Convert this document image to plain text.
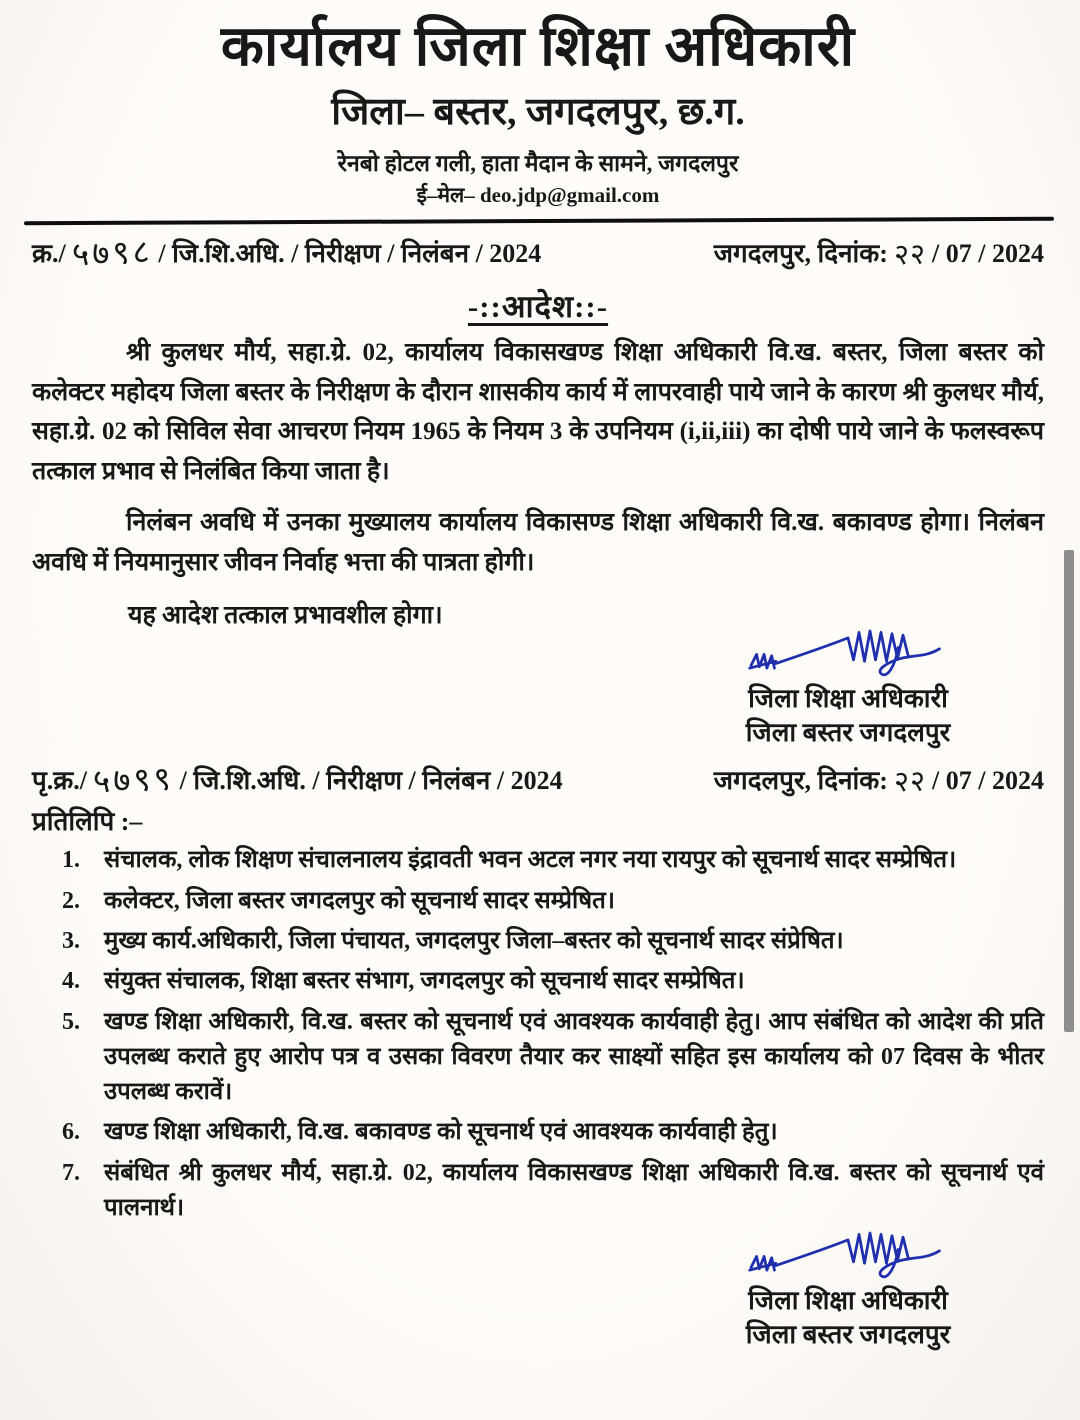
कार्यालय जिला शिक्षा अधिकारी
जिला– बस्तर, जगदलपुर, छ.ग.
रेनबो होटल गली, हाता मैदान के सामने, जगदलपुर
ई–मेल– deo.jdp@gmail.com
क्र./ ५७९८ / जि.शि.अधि. / निरीक्षण / निलंबन / 2024	जगदलपुर, दिनांक: २२ / 07 / 2024
-::आदेश::-

श्री कुलधर मौर्य, सहा.ग्रे. 02, कार्यालय विकासखण्ड शिक्षा अधिकारी वि.ख. बस्तर, जिला बस्तर को कलेक्टर महोदय जिला बस्तर के निरीक्षण के दौरान शासकीय कार्य में लापरवाही पाये जाने के कारण श्री कुलधर मौर्य, सहा.ग्रे. 02 को सिविल सेवा आचरण नियम 1965 के नियम 3 के उपनियम (i,ii,iii) का दोषी पाये जाने के फलस्वरूप तत्काल प्रभाव से निलंबित किया जाता है।

निलंबन अवधि में उनका मुख्यालय कार्यालय विकासण्ड शिक्षा अधिकारी वि.ख. बकावण्ड होगा। निलंबन अवधि में नियमानुसार जीवन निर्वाह भत्ता की पात्रता होगी।

यह आदेश तत्काल प्रभावशील होगा।

जिला शिक्षा अधिकारी
जिला बस्तर जगदलपुर
पृ.क्र./ ५७९९ / जि.शि.अधि. / निरीक्षण / निलंबन / 2024	जगदलपुर, दिनांक: २२ / 07 / 2024
प्रतिलिपि :–
1.	संचालक, लोक शिक्षण संचालनालय इंद्रावती भवन अटल नगर नया रायपुर को सूचनार्थ सादर सम्प्रेषित।
2.	कलेक्टर, जिला बस्तर जगदलपुर को सूचनार्थ सादर सम्प्रेषित।
3.	मुख्य कार्य.अधिकारी, जिला पंचायत, जगदलपुर जिला–बस्तर को सूचनार्थ सादर संप्रेषित।
4.	संयुक्त संचालक, शिक्षा बस्तर संभाग, जगदलपुर को सूचनार्थ सादर सम्प्रेषित।
5.	खण्ड शिक्षा अधिकारी, वि.ख. बस्तर को सूचनार्थ एवं आवश्यक कार्यवाही हेतु। आप संबंधित को आदेश की प्रति उपलब्ध कराते हुए आरोप पत्र व उसका विवरण तैयार कर साक्ष्यों सहित इस कार्यालय को 07 दिवस के भीतर उपलब्ध करावें।
6.	खण्ड शिक्षा अधिकारी, वि.ख. बकावण्ड को सूचनार्थ एवं आवश्यक कार्यवाही हेतु।
7.	संबंधित श्री कुलधर मौर्य, सहा.ग्रे. 02, कार्यालय विकासखण्ड शिक्षा अधिकारी वि.ख. बस्तर को सूचनार्थ एवं पालनार्थ।
जिला शिक्षा अधिकारी
जिला बस्तर जगदलपुर
